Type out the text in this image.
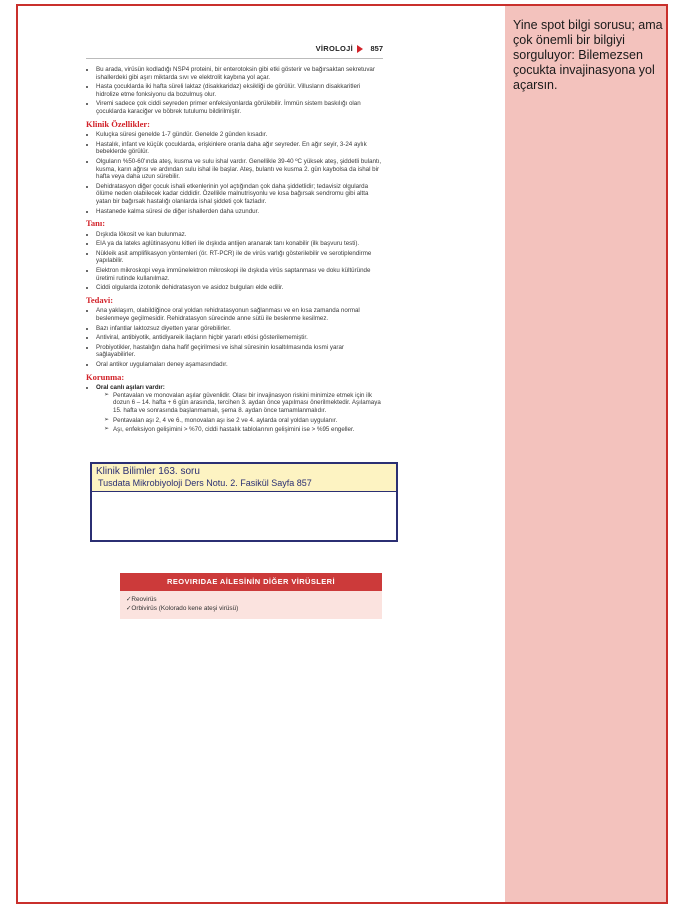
Yine spot bilgi sorusu; ama çok önemli bir bilgiyi sorguluyor: Bilemezsen çocukta invajinasyona yol açarsın.
VİROLOJİ 857
• Bu arada, virüsün kodladığı NSP4 proteini, bir enterotoksin gibi etki gösterir ve bağırsaktan sekretuvar ishallerdeki gibi aşırı miktarda sıvı ve elektrolit kaybına yol açar.
• Hasta çocuklarda iki hafta süreli laktaz (disakkaridaz) eksikliği de görülür. Villusların disakkaritleri hidrolize etme fonksiyonu da bozulmuş olur.
• Viremi sadece çok ciddi seyreden primer enfeksiyonlarda görülebilir. İmmün sistem baskılığı olan çocuklarda karaciğer ve böbrek tutulumu bildirilmiştir.
Klinik Özellikler:
• Kuluçka süresi genelde 1-7 gündür. Genelde 2 günden kısadır.
• Hastalık, infant ve küçük çocuklarda, erişkinlere oranla daha ağır seyreder. En ağır seyir, 3-24 aylık bebeklerde görülür.
• Olguların %50-60'ında ateş, kusma ve sulu ishal vardır. Genellikle 39-40 ºC yüksek ateş, şiddetli bulantı, kusma, karın ağrısı ve ardından sulu ishal ile başlar. Ateş, bulantı ve kusma 2. gün kaybolsa da ishal bir hafta veya daha uzun sürebilir.
• Dehidratasyon diğer çocuk ishali etkenlerinin yol açtığından çok daha şiddetlidir; tedavisiz olgularda ölüme neden olabilecek kadar ciddidir. Özellikle malnutrisyonlu ve kısa bağırsak sendromu gibi altta yatan bir bağırsak hastalığı olanlarda ishal şiddeti çok fazladır.
• Hastanede kalma süresi de diğer ishallerden daha uzundur.
Tanı:
• Dışkıda lökosit ve kan bulunmaz.
• EIA ya da lateks aglütinasyonu kitleri ile dışkıda antijen aranarak tanı konabilir (ilk başvuru testi).
• Nükleik asit amplifikasyon yöntemleri (ör. RT-PCR) ile de virüs varlığı gösterilebilir ve serotiplendirme yapılabilir.
• Elektron mikroskopi veya immünelektron mikroskopi ile dışkıda virüs saptanması ve doku kültüründe üretimi rutinde kullanılmaz.
• Ciddi olgularda izotonik dehidratasyon ve asidoz bulguları elde edilir.
Tedavi:
• Ana yaklaşım, olabildiğince oral yoldan rehidratasyonun sağlanması ve en kısa zamanda normal beslenmeye geçilmesidir. Rehidratasyon sürecinde anne sütü ile beslenme kesilmez.
• Bazı infantlar laktozsuz diyetten yarar görebilirler.
• Antiviral, antibiyotik, antidiyareik ilaçların hiçbir yararlı etkisi gösterilememiştir.
• Probiyotikler, hastalığın daha hafif geçirilmesi ve ishal süresinin kısaltılmasında kısmi yarar sağlayabilirler.
• Oral antikor uygulamaları deney aşamasındadır.
Korunma:
• Oral canlı aşıları vardır:
➢ Pentavalan ve monovalan aşılar güvenlidir. Olası bir invajinasyon riskini minimize etmek için ilk dozun 6 – 14. hafta + 6 gün arasında, tercihen 3. aydan önce yapılması önerilmektedir. Aşılamaya 15. hafta ve sonrasında başlanmamalı, şema 8. aydan önce tamamlanmalıdır.
➢ Pentavalan aşı 2, 4 ve 6., monovalan aşı ise 2 ve 4. aylarda oral yoldan uygulanır.
➢ Aşı, enfeksiyon gelişimini > %70, ciddi hastalık tablolarının gelişimini ise > %95 engeller.
Klinik Bilimler 163. soru
Tusdata Mikrobiyoloji Ders Notu. 2. Fasikül Sayfa 857
REOVIRIDAE AİLESİNİN DİĞER VİRÜSLERİ
✓ Reovirüs
✓ Orbivirüs (Kolorado kene ateşi virüsü)
